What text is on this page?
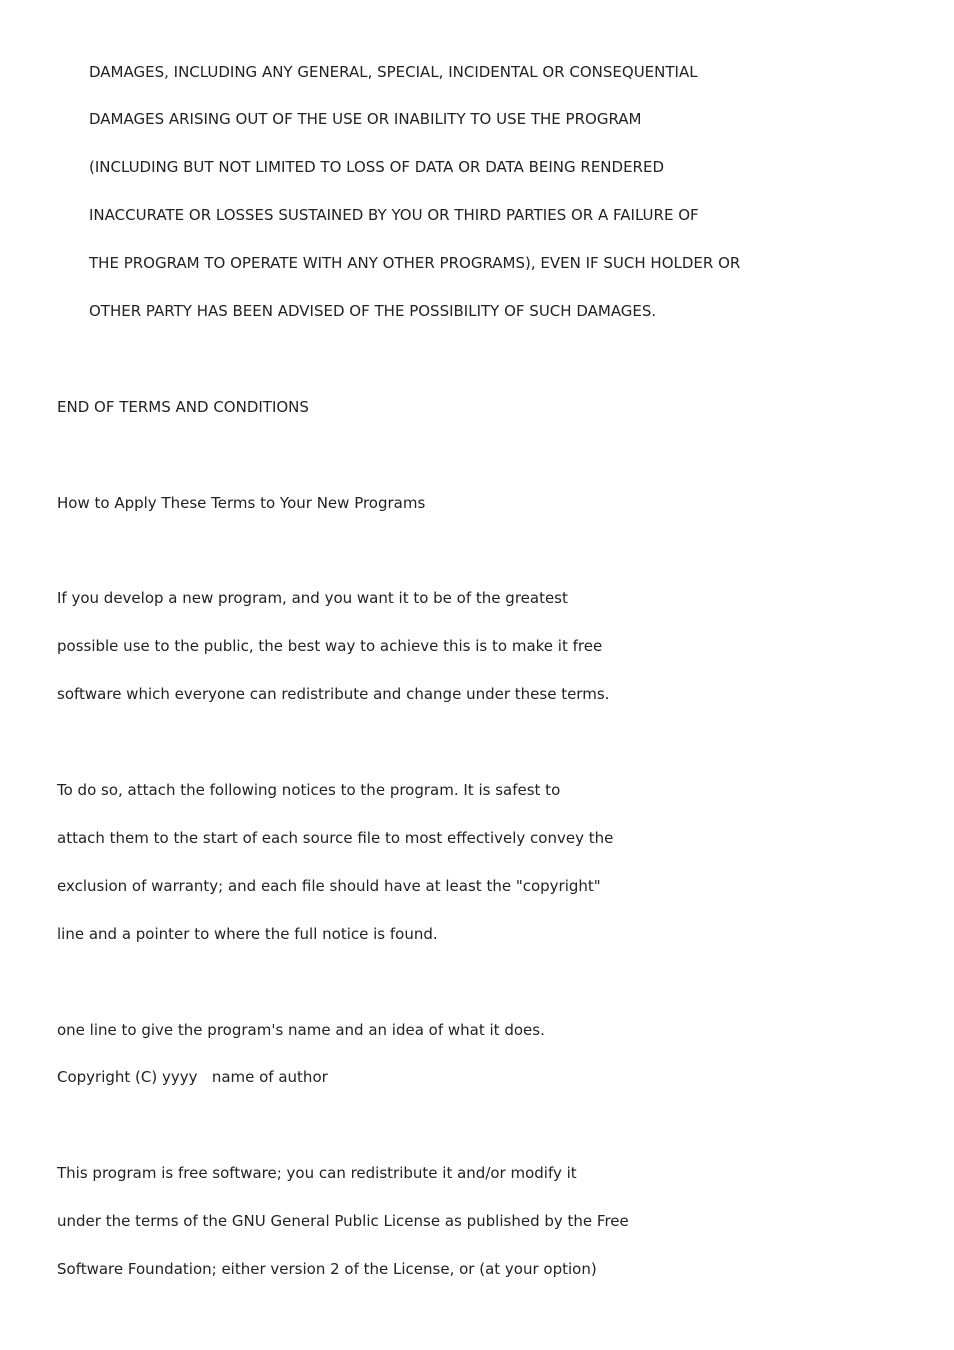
DAMAGES, INCLUDING ANY GENERAL, SPECIAL, INCIDENTAL OR CONSEQUENTIAL
DAMAGES ARISING OUT OF THE USE OR INABILITY TO USE THE PROGRAM
(INCLUDING BUT NOT LIMITED TO LOSS OF DATA OR DATA BEING RENDERED
INACCURATE OR LOSSES SUSTAINED BY YOU OR THIRD PARTIES OR A FAILURE OF
THE PROGRAM TO OPERATE WITH ANY OTHER PROGRAMS), EVEN IF SUCH HOLDER OR
OTHER PARTY HAS BEEN ADVISED OF THE POSSIBILITY OF SUCH DAMAGES.
END OF TERMS AND CONDITIONS
How to Apply These Terms to Your New Programs
If you develop a new program, and you want it to be of the greatest
possible use to the public, the best way to achieve this is to make it free
software which everyone can redistribute and change under these terms.
To do so, attach the following notices to the program. It is safest to
attach them to the start of each source file to most effectively convey the
exclusion of warranty; and each file should have at least the "copyright"
line and a pointer to where the full notice is found.
one line to give the program's name and an idea of what it does.
Copyright (C) yyyy   name of author
This program is free software; you can redistribute it and/or modify it
under the terms of the GNU General Public License as published by the Free
Software Foundation; either version 2 of the License, or (at your option)
